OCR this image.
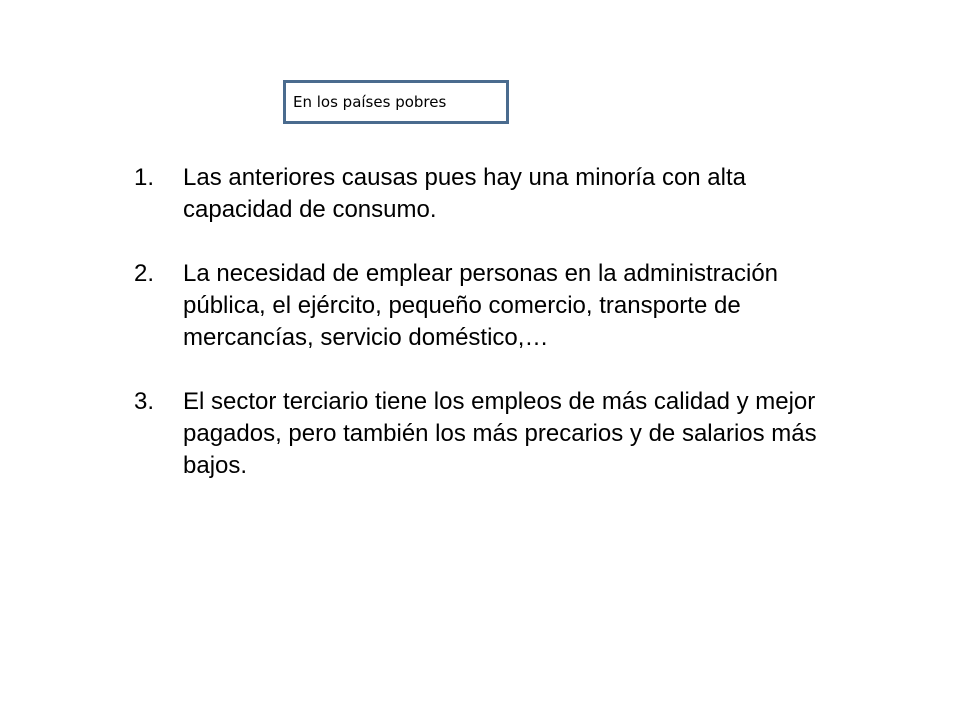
En los países pobres
1.	Las anteriores causas pues hay una minoría con alta capacidad de consumo.
2.	La necesidad de emplear personas en la administración pública, el ejército, pequeño comercio, transporte de mercancías, servicio doméstico,…
3.	El sector terciario tiene los empleos de más calidad y mejor pagados, pero también los más precarios y de salarios más bajos.
